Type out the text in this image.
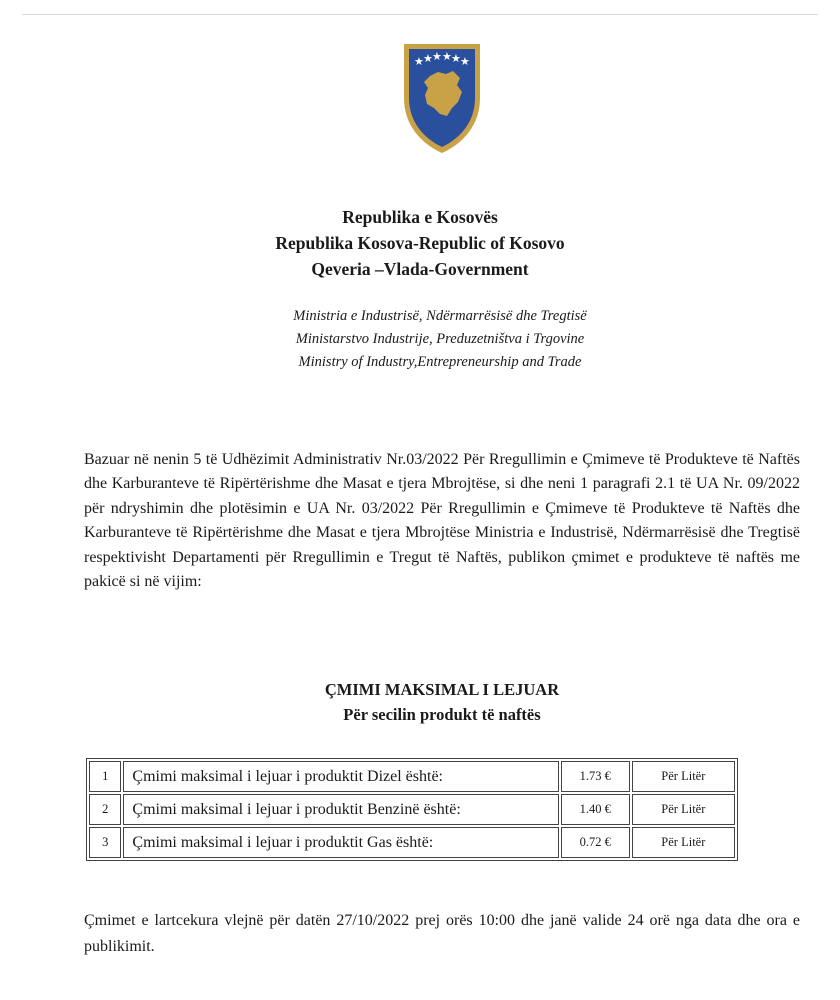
★ ★ ★ ★ ★ ★
Republika e Kosovës
Republika Kosova-Republic of Kosovo
Qeveria –Vlada-Government
Ministria e Industrisë, Ndërmarrësisë dhe Tregtisë
Ministarstvo Industrije, Preduzetništva i Trgovine
Ministry of Industry,Entrepreneurship and Trade

Bazuar në nenin 5 të Udhëzimit Administrativ Nr.03/2022 Për Rregullimin e Çmimeve të Produkteve të Naftës dhe Karburanteve të Ripërtërishme dhe Masat e tjera Mbrojtëse, si dhe neni 1 paragrafi 2.1 të UA Nr. 09/2022 për ndryshimin dhe plotësimin e UA Nr. 03/2022 Për Rregullimin e Çmimeve të Produkteve të Naftës dhe Karburanteve të Ripërtërishme dhe Masat e tjera Mbrojtëse Ministria e Industrisë, Ndërmarrësisë dhe Tregtisë respektivisht Departamenti për Rregullimin e Tregut të Naftës, publikon çmimet e produkteve të naftës me pakicë si në vijim:

ÇMIMI MAKSIMAL I LEJUAR
Për secilin produkt të naftës
1	Çmimi maksimal i lejuar i produktit Dizel është:	1.73 €	Për Litër
2	Çmimi maksimal i lejuar i produktit Benzinë është:	1.40 €	Për Litër
3	Çmimi maksimal i lejuar i produktit Gas është:	0.72 €	Për Litër

Çmimet e lartcekura vlejnë për datën 27/10/2022 prej orës 10:00 dhe janë valide 24 orë nga data dhe ora e publikimit.
